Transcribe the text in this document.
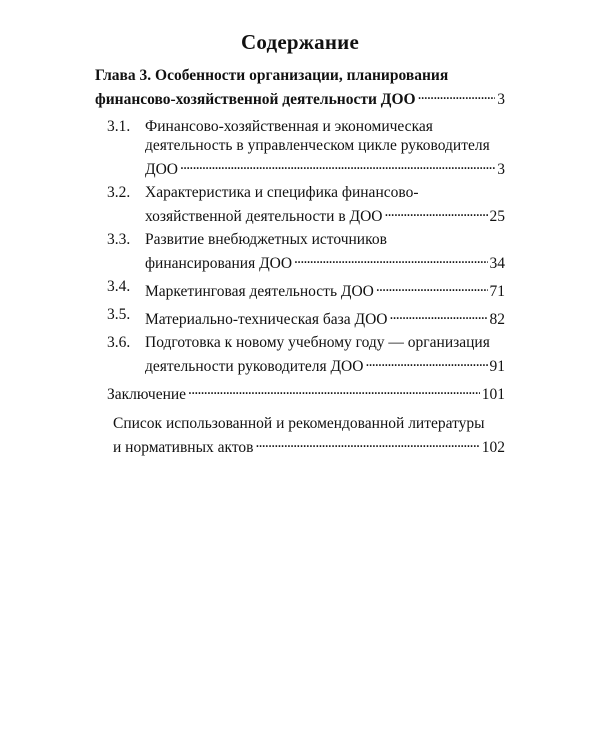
Содержание
Глава 3. Особенности организации, планирования
финансово-хозяйственной деятельности ДОО . . .	3
3.1. Финансово-хозяйственная и экономическая
деятельность в управленческом цикле руководителя
ДОО . . .	3
3.2. Характеристика и специфика финансово-
хозяйственной деятельности в ДОО . . .	25
3.3. Развитие внебюджетных источников
финансирования ДОО . . .	34
3.4. Маркетинговая деятельность ДОО . . .	71
3.5. Материально-техническая база ДОО . . .	82
3.6. Подготовка к новому учебному году — организация
деятельности руководителя ДОО . . .	91
Заключение . . .	101
Список использованной и рекомендованной литературы
и нормативных актов . . .	102
